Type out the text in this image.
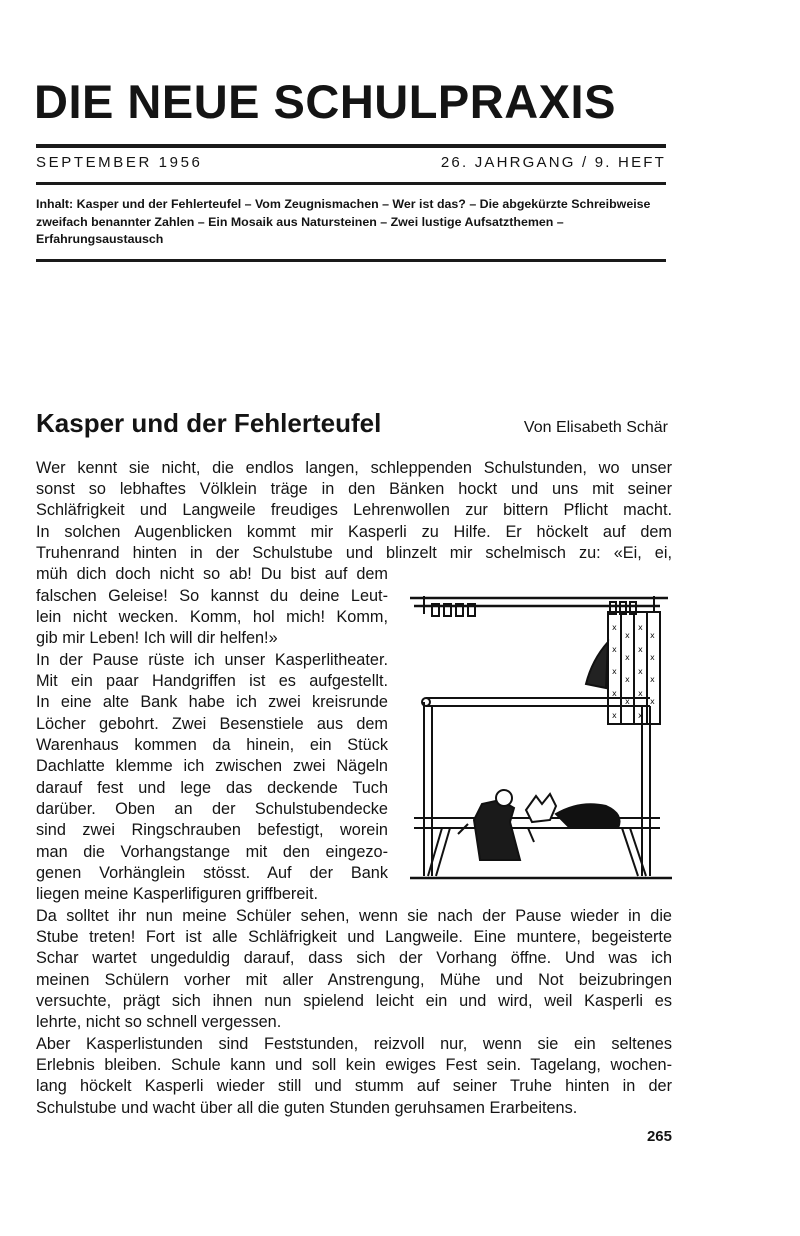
DIE NEUE SCHULPRAXIS
SEPTEMBER 1956	26. JAHRGANG / 9. HEFT
Inhalt: Kasper und der Fehlerteufel – Vom Zeugnismachen – Wer ist das? – Die abgekürzte Schreibweise zweifach benannter Zahlen – Ein Mosaik aus Natursteinen – Zwei lustige Aufsatzthemen – Erfahrungsaustausch
Kasper und der Fehlerteufel	Von Elisabeth Schär
Wer kennt sie nicht, die endlos langen, schleppenden Schulstunden, wo unser
sonst so lebhaftes Völklein träge in den Bänken hockt und uns mit seiner
Schläfrigkeit und Langweile freudiges Lehrenwollen zur bittern Pflicht macht.
In solchen Augenblicken kommt mir Kasperli zu Hilfe. Er höckelt auf dem
Truhenrand hinten in der Schulstube und blinzelt mir schelmisch zu: «Ei, ei,
müh dich doch nicht so ab! Du bist auf dem
falschen Geleise! So kannst du deine Leut-
lein nicht wecken. Komm, hol mich! Komm,
gib mir Leben! Ich will dir helfen!»
In der Pause rüste ich unser Kasperlitheater.
Mit ein paar Handgriffen ist es aufgestellt.
In eine alte Bank habe ich zwei kreisrunde
Löcher gebohrt. Zwei Besenstiele aus dem
Warenhaus kommen da hinein, ein Stück
Dachlatte klemme ich zwischen zwei Nägeln
darauf fest und lege das deckende Tuch
darüber. Oben an der Schulstubendecke
sind zwei Ringschrauben befestigt, worein
man die Vorhangstange mit den eingezo-
genen Vorhänglein stösst. Auf der Bank
liegen meine Kasperlifiguren griffbereit.
Da solltet ihr nun meine Schüler sehen, wenn sie nach der Pause wieder in die
Stube treten! Fort ist alle Schläfrigkeit und Langweile. Eine muntere, begeisterte
Schar wartet ungeduldig darauf, dass sich der Vorhang öffne. Und was ich
meinen Schülern vorher mit aller Anstrengung, Mühe und Not beizubringen
versuchte, prägt sich ihnen nun spielend leicht ein und wird, weil Kasperli es
lehrte, nicht so schnell vergessen.
Aber Kasperlistunden sind Feststunden, reizvoll nur, wenn sie ein seltenes
Erlebnis bleiben. Schule kann und soll kein ewiges Fest sein. Tagelang, wochen-
lang höckelt Kasperli wieder still und stumm auf seiner Truhe hinten in der
Schulstube und wacht über all die guten Stunden geruhsamen Erarbeitens.
x
x
x
x
x
x
x
x
x
x
x
x
x
x
x
x
x	x
265
